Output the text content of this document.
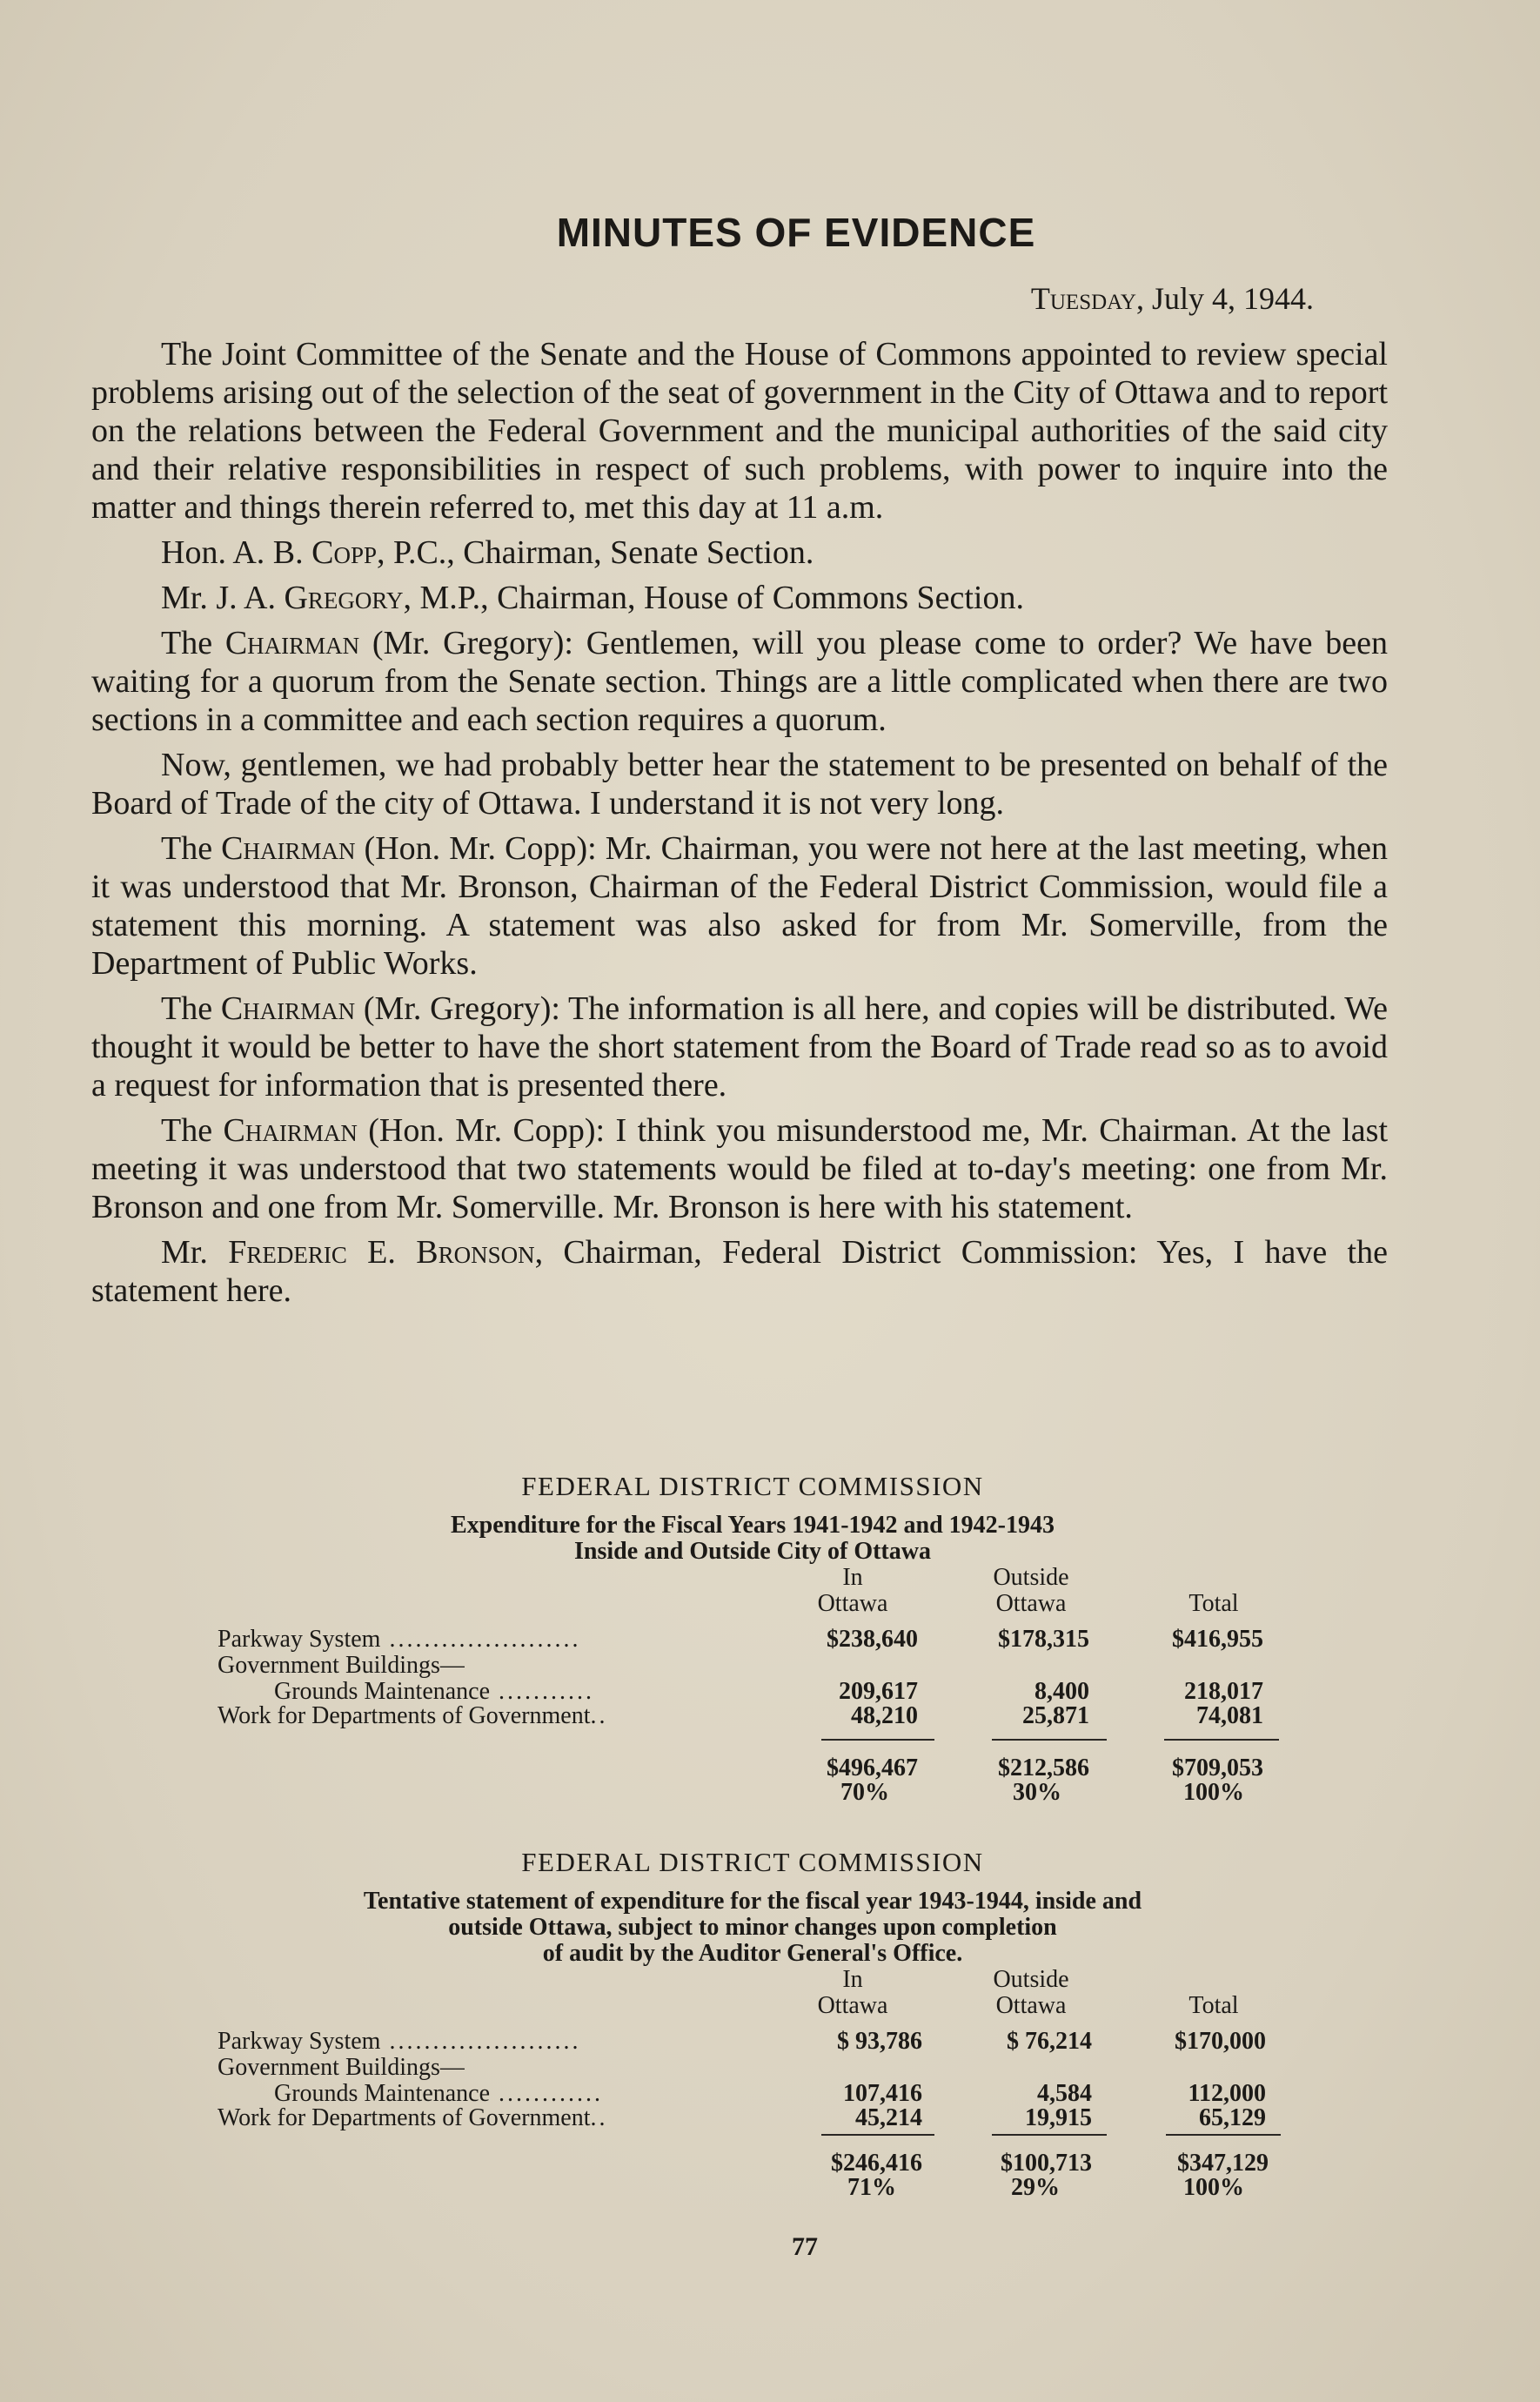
MINUTES OF EVIDENCE
Tuesday, July 4, 1944.

The Joint Committee of the Senate and the House of Commons appointed to review special problems arising out of the selection of the seat of government in the City of Ottawa and to report on the relations between the Federal Government and the municipal authorities of the said city and their relative responsibilities in respect of such problems, with power to inquire into the matter and things therein referred to, met this day at 11 a.m.

Hon. A. B. Copp, P.C., Chairman, Senate Section.

Mr. J. A. Gregory, M.P., Chairman, House of Commons Section.

The Chairman (Mr. Gregory): Gentlemen, will you please come to order? We have been waiting for a quorum from the Senate section. Things are a little complicated when there are two sections in a committee and each section requires a quorum.

Now, gentlemen, we had probably better hear the statement to be presented on behalf of the Board of Trade of the city of Ottawa. I understand it is not very long.

The Chairman (Hon. Mr. Copp): Mr. Chairman, you were not here at the last meeting, when it was understood that Mr. Bronson, Chairman of the Federal District Commission, would file a statement this morning. A statement was also asked for from Mr. Somerville, from the Department of Public Works.

The Chairman (Mr. Gregory): The information is all here, and copies will be distributed. We thought it would be better to have the short statement from the Board of Trade read so as to avoid a request for information that is presented there.

The Chairman (Hon. Mr. Copp): I think you misunderstood me, Mr. Chairman. At the last meeting it was understood that two statements would be filed at to-day's meeting: one from Mr. Bronson and one from Mr. Somerville. Mr. Bronson is here with his statement.

Mr. Frederic E. Bronson, Chairman, Federal District Commission: Yes, I have the statement here.

FEDERAL DISTRICT COMMISSION
Expenditure for the Fiscal Years 1941-1942 and 1942-1943
Inside and Outside City of Ottawa
In
Ottawa
Outside
Ottawa	Total
Parkway System ......................	$238,640	$178,315	$416,955
Government Buildings—
Grounds Maintenance ...........	209,617	8,400	218,017
Work for Departments of Government..	48,210	25,871	74,081
$496,467	$212,586	$709,053
70%	30%	100%
FEDERAL DISTRICT COMMISSION
Tentative statement of expenditure for the fiscal year 1943-1944, inside and
outside Ottawa, subject to minor changes upon completion
of audit by the Auditor General's Office.
In
Ottawa
Outside
Ottawa	Total
Parkway System ......................	$ 93,786	$ 76,214	$170,000
Government Buildings—
Grounds Maintenance ............	107,416	4,584	112,000
Work for Departments of Government..	45,214	19,915	65,129
$246,416	$100,713	$347,129
71%	29%	100%
77
